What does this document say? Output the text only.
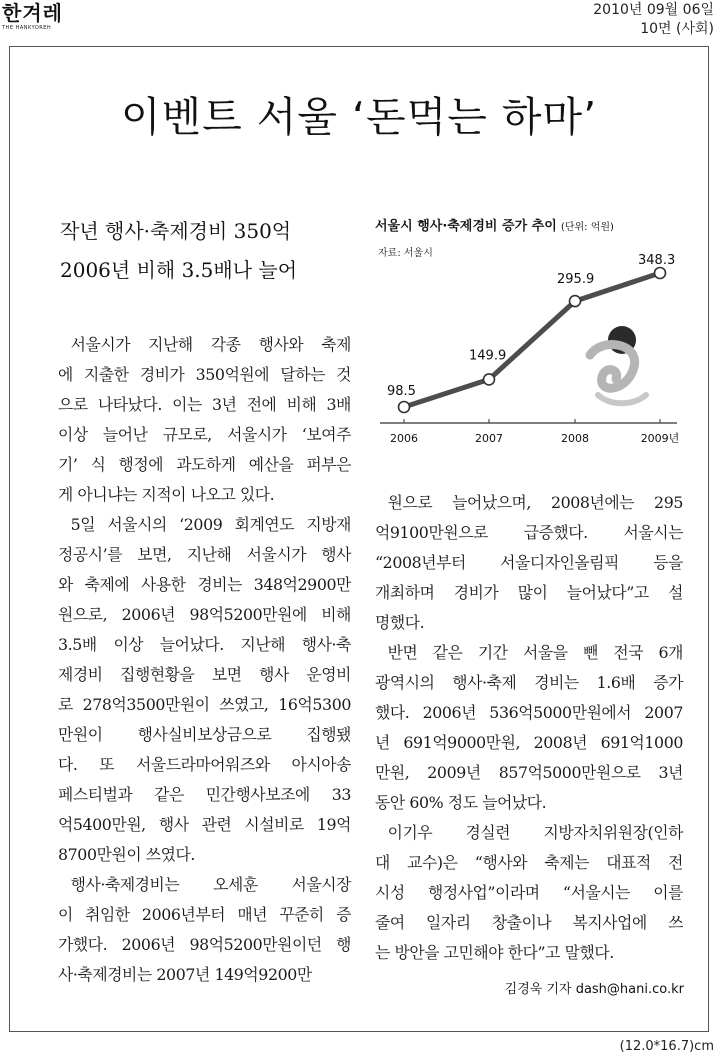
한겨레
THE HANKYOREH
2010년 09월 06일
10면 (사회)
이벤트 서울 ‘돈먹는 하마’
작년 행사·축제경비 350억
2006년 비해 3.5배나 늘어
서울시 행사·축제경비 증가 추이 (단위: 억원)
자료: 서울시
98.5
149.9
295.9
348.3
2006	2007	2008	2009년

서울시가 지난해 각종 행사와 축제

에 지출한 경비가 350억원에 달하는 것

으로 나타났다. 이는 3년 전에 비해 3배

이상 늘어난 규모로, 서울시가 ‘보여주

기’ 식 행정에 과도하게 예산을 퍼부은

게 아니냐는 지적이 나오고 있다.

5일 서울시의 ‘2009 회계연도 지방재

정공시’를 보면, 지난해 서울시가 행사

와 축제에 사용한 경비는 348억2900만

원으로, 2006년 98억5200만원에 비해

3.5배 이상 늘어났다. 지난해 행사·축

제경비 집행현황을 보면 행사 운영비

로 278억3500만원이 쓰였고, 16억5300

만원이 행사실비보상금으로 집행됐

다. 또 서울드라마어워즈와 아시아송

페스티벌과 같은 민간행사보조에 33

억5400만원, 행사 관련 시설비로 19억

8700만원이 쓰였다.

행사·축제경비는 오세훈 서울시장

이 취임한 2006년부터 매년 꾸준히 증

가했다. 2006년 98억5200만원이던 행

사·축제경비는 2007년 149억9200만

원으로 늘어났으며, 2008년에는 295

억9100만원으로 급증했다. 서울시는

“2008년부터 서울디자인올림픽 등을

개최하며 경비가 많이 늘어났다”고 설

명했다.

반면 같은 기간 서울을 뺀 전국 6개

광역시의 행사·축제 경비는 1.6배 증가

했다. 2006년 536억5000만원에서 2007

년 691억9000만원, 2008년 691억1000

만원, 2009년 857억5000만원으로 3년

동안 60% 정도 늘어났다.

이기우 경실련 지방자치위원장(인하

대 교수)은 “행사와 축제는 대표적 전

시성 행정사업”이라며 “서울시는 이를

줄여 일자리 창출이나 복지사업에 쓰

는 방안을 고민해야 한다”고 말했다.

김경욱 기자 dash@hani.co.kr
(12.0*16.7)cm
